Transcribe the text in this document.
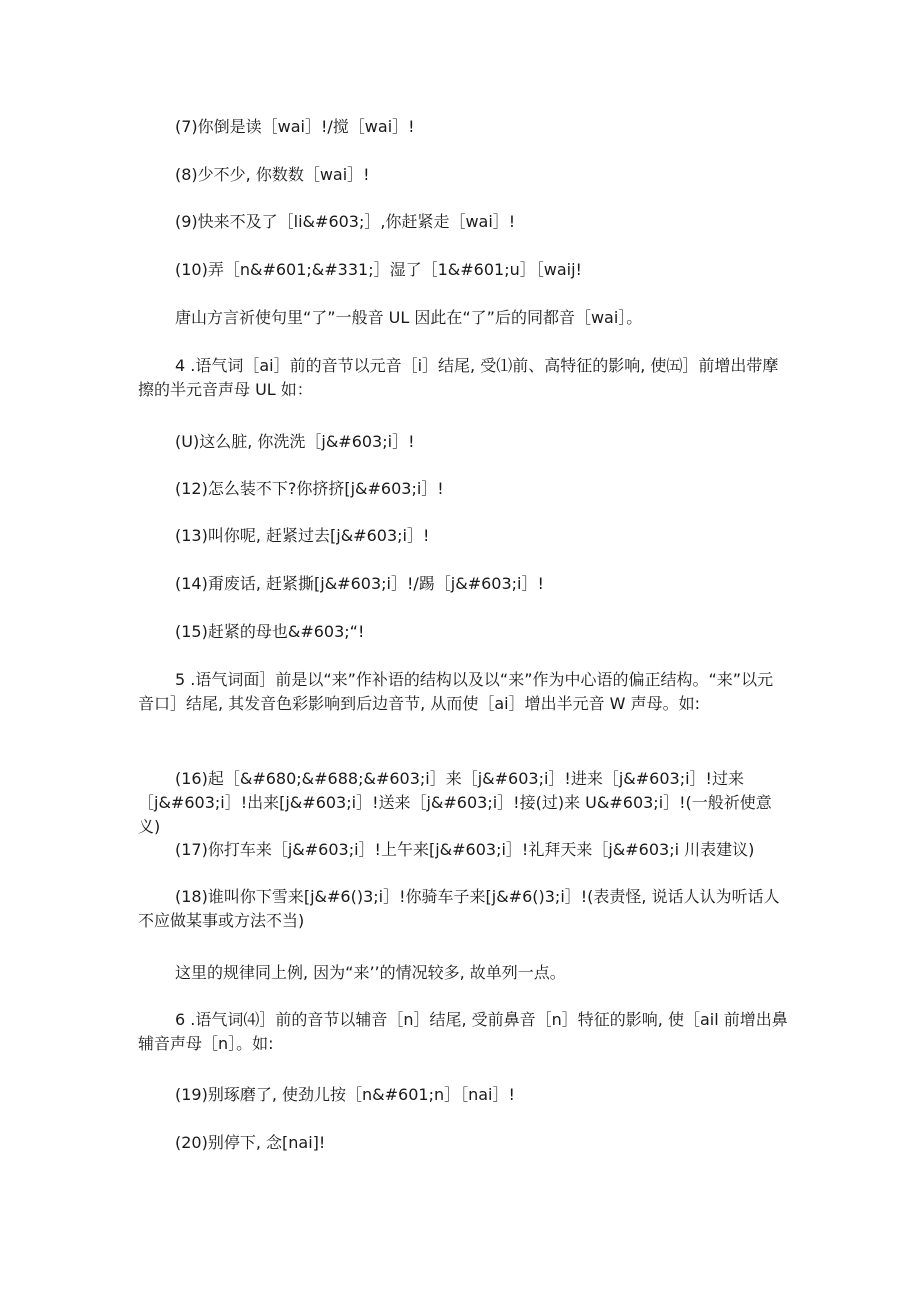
(7)你倒是读［wai］!/搅［wai］!
(8)少不少, 你数数［wai］!
(9)快来不及了［li&#603;］,你赶紧走［wai］!
(10)弄［n&#601;&#331;］湿了［1&#601;u］［waij!
唐山方言祈使句里“了”一般音 UL 因此在“了”后的同都音［wai］。
4 .语气词［ai］前的音节以元音［i］结尾, 受⑴前、高特征的影响, 使㈤］前增出带摩擦的半元音声母 UL 如：
(U)这么脏, 你洗洗［j&#603;i］!
(12)怎么装不下?你挤挤[j&#603;i］!
(13)叫你呢, 赶紧过去[j&#603;i］!
(14)甭废话, 赶紧撕[j&#603;i］!/踢［j&#603;i］!
(15)赶紧的母也&#603;“!
5 .语气词面］前是以“来”作补语的结构以及以“来”作为中心语的偏正结构。“来”以元音口］结尾, 其发音色彩影响到后边音节, 从而使［ai］增出半元音 W 声母。如:
(16)起［&#680;&#688;&#603;i］来［j&#603;i］!进来［j&#603;i］!过来［j&#603;i］!出来[j&#603;i］!送来［j&#603;i］!接(过)来 U&#603;i］!(一般祈使意义)
(17)你打车来［j&#603;i］!上午来[j&#603;i］!礼拜天来［j&#603;i 川表建议)
(18)谁叫你下雪来[j&#6()3;i］!你骑车子来[j&#6()3;i］!(表责怪, 说话人认为听话人不应做某事或方法不当)
这里的规律同上例, 因为“来’’的情况较多, 故单列一点。
6 .语气词⑷］前的音节以辅音［n］结尾, 受前鼻音［n］特征的影响, 使［ail 前增出鼻辅音声母［n］。如:
(19)别琢磨了, 使劲儿按［n&#601;n］［nai］!
(20)别停下, 念[nai]!
